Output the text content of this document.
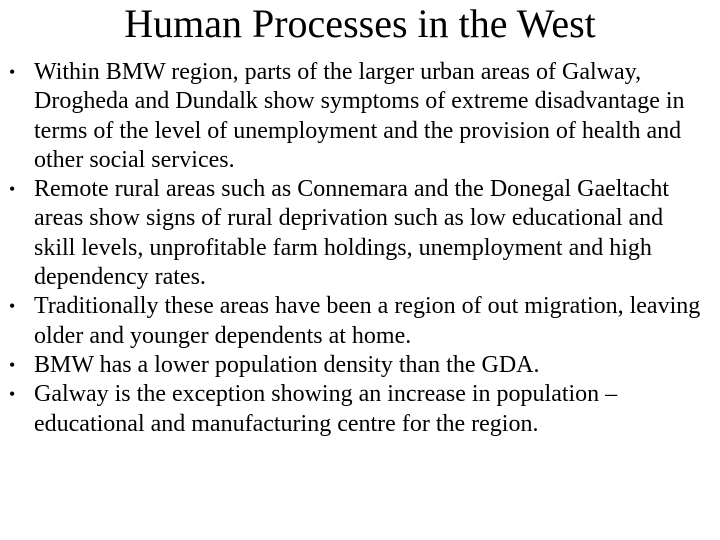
Human Processes in the West
• Within BMW region, parts of the larger urban areas of Galway, Drogheda and Dundalk show symptoms of extreme disadvantage in terms of the level of unemployment and the provision of health and other social services.
• Remote rural areas such as Connemara and the Donegal Gaeltacht areas show signs of rural deprivation such as low educational and skill levels, unprofitable farm holdings, unemployment and high dependency rates.
• Traditionally these areas have been a region of out migration, leaving older and younger dependents at home.
• BMW has a lower population density than the GDA.
• Galway is the exception showing an increase in population – educational and manufacturing centre for the region.
